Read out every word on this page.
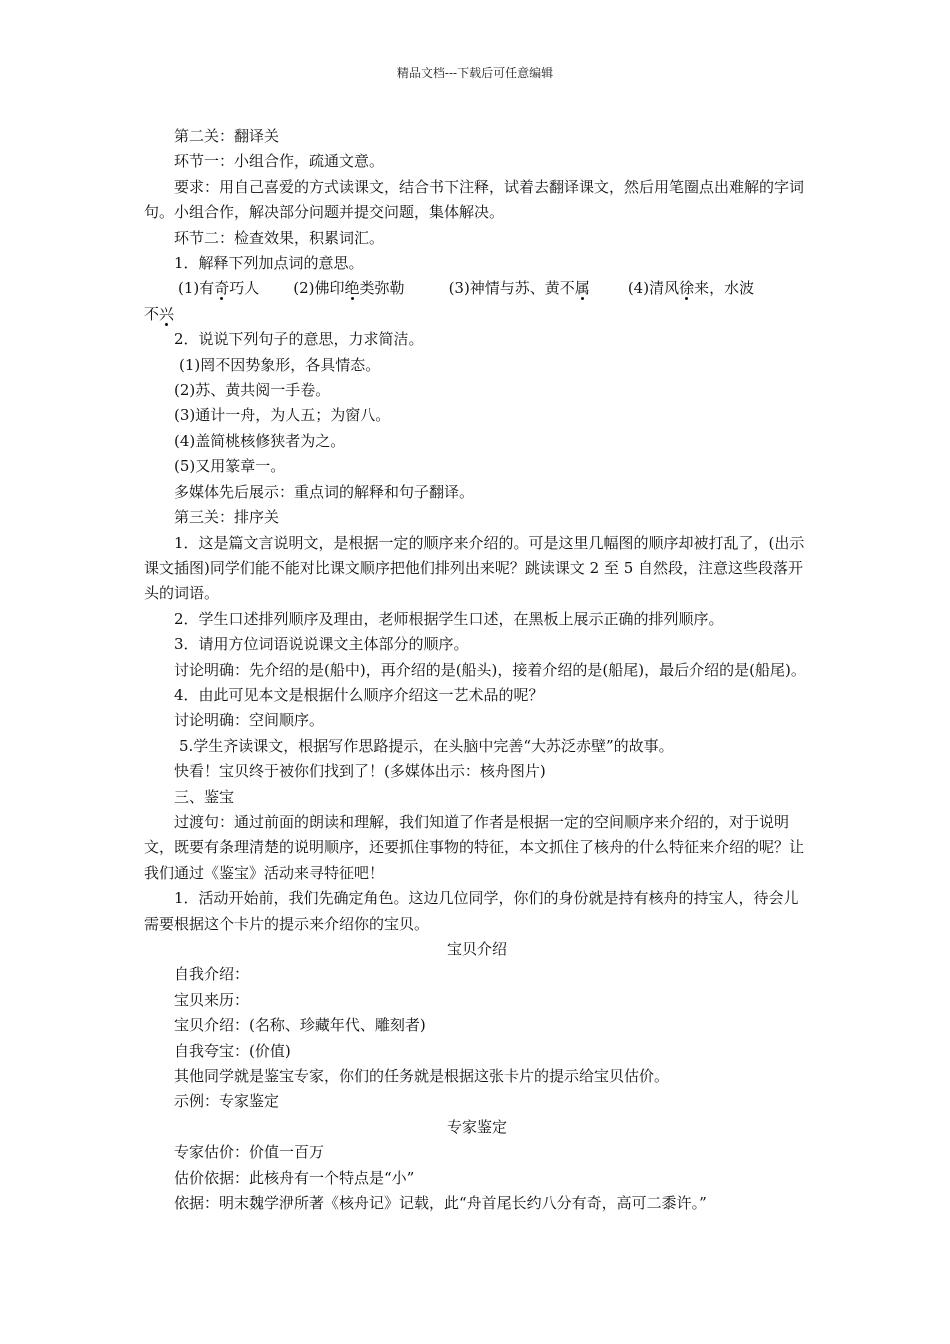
精品文档---下载后可任意编辑

第二关：翻译关

环节一：小组合作，疏通文意。

要求：用自己喜爱的方式读课文，结合书下注释，试着去翻译课文，然后用笔圈点出难解的字词句。小组合作，解决部分问题并提交问题，集体解决。

环节二：检查效果，积累词汇。

1．解释下列加点词的意思。

(1)有奇巧人 (2)佛印绝类弥勒	(3)神情与苏、黄不属	(4)清风徐来，水波

不兴

2．说说下列句子的意思，力求简洁。

(1)罔不因势象形，各具情态。

(2)苏、黄共阅一手卷。

(3)通计一舟，为人五；为窗八。

(4)盖简桃核修狭者为之。

(5)又用篆章一。

多媒体先后展示：重点词的解释和句子翻译。

第三关：排序关

1．这是篇文言说明文，是根据一定的顺序来介绍的。可是这里几幅图的顺序却被打乱了，(出示课文插图)同学们能不能对比课文顺序把他们排列出来呢？跳读课文 2 至 5 自然段，注意这些段落开头的词语。

2．学生口述排列顺序及理由，老师根据学生口述，在黑板上展示正确的排列顺序。

3．请用方位词语说说课文主体部分的顺序。

讨论明确：先介绍的是(船中)，再介绍的是(船头)，接着介绍的是(船尾)，最后介绍的是(船尾)。

4．由此可见本文是根据什么顺序介绍这一艺术品的呢？

讨论明确：空间顺序。

5.学生齐读课文，根据写作思路提示，在头脑中完善“大苏泛赤壁”的故事。

快看！宝贝终于被你们找到了！(多媒体出示：核舟图片)

三、鉴宝

过渡句：通过前面的朗读和理解，我们知道了作者是根据一定的空间顺序来介绍的，对于说明文，既要有条理清楚的说明顺序，还要抓住事物的特征，本文抓住了核舟的什么特征来介绍的呢？让我们通过《鉴宝》活动来寻特征吧！

1．活动开始前，我们先确定角色。这边几位同学，你们的身份就是持有核舟的持宝人，待会儿需要根据这个卡片的提示来介绍你的宝贝。

宝贝介绍

自我介绍：

宝贝来历：

宝贝介绍：(名称、珍藏年代、雕刻者)

自我夸宝：(价值)

其他同学就是鉴宝专家，你们的任务就是根据这张卡片的提示给宝贝估价。

示例：专家鉴定

专家鉴定

专家估价：价值一百万

估价依据：此核舟有一个特点是“小”

依据：明末魏学洢所著《核舟记》记载，此“舟首尾长约八分有奇，高可二黍许。”
